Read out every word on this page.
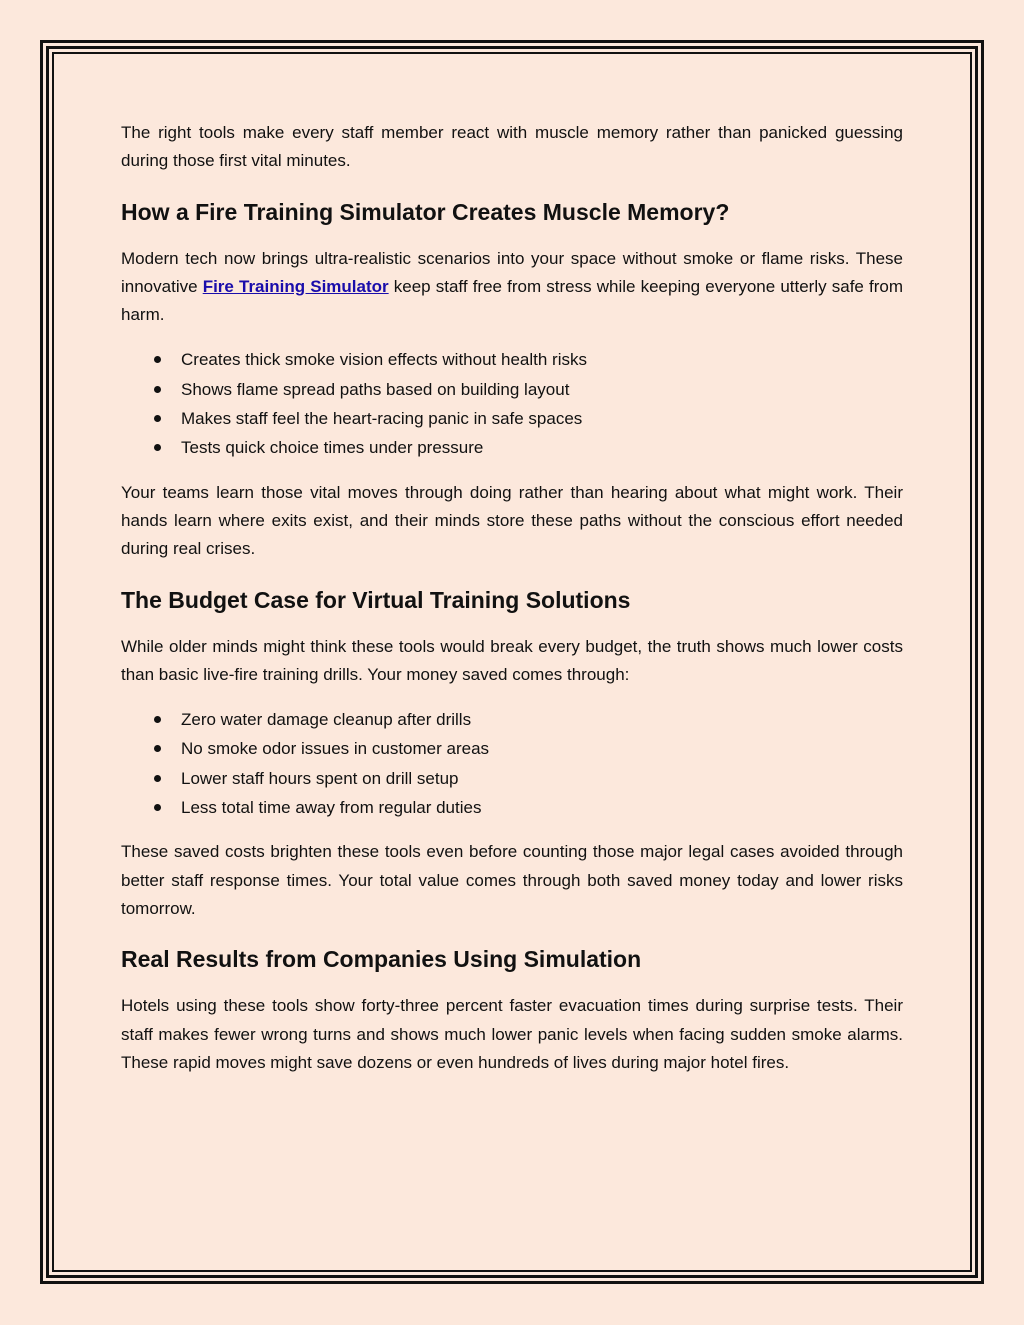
The right tools make every staff member react with muscle memory rather than panicked guessing during those first vital minutes.

How a Fire Training Simulator Creates Muscle Memory?

Modern tech now brings ultra-realistic scenarios into your space without smoke or flame risks. These innovative Fire Training Simulator keep staff free from stress while keeping everyone utterly safe from harm.

Creates thick smoke vision effects without health risks
Shows flame spread paths based on building layout
Makes staff feel the heart-racing panic in safe spaces
Tests quick choice times under pressure

Your teams learn those vital moves through doing rather than hearing about what might work. Their hands learn where exits exist, and their minds store these paths without the conscious effort needed during real crises.

The Budget Case for Virtual Training Solutions

While older minds might think these tools would break every budget, the truth shows much lower costs than basic live-fire training drills. Your money saved comes through:

Zero water damage cleanup after drills
No smoke odor issues in customer areas
Lower staff hours spent on drill setup
Less total time away from regular duties

These saved costs brighten these tools even before counting those major legal cases avoided through better staff response times. Your total value comes through both saved money today and lower risks tomorrow.

Real Results from Companies Using Simulation

Hotels using these tools show forty-three percent faster evacuation times during surprise tests. Their staff makes fewer wrong turns and shows much lower panic levels when facing sudden smoke alarms. These rapid moves might save dozens or even hundreds of lives during major hotel fires.
